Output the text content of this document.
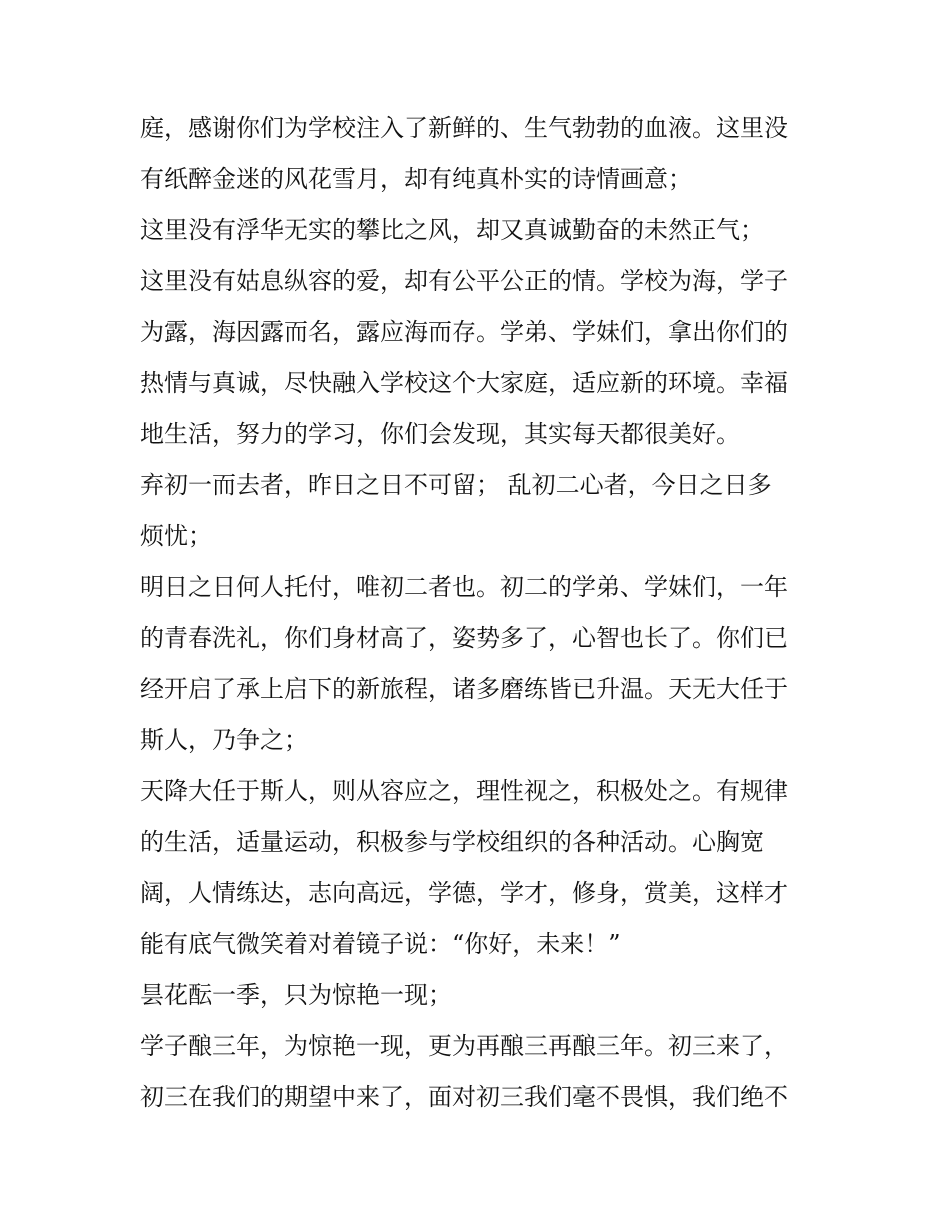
庭，感谢你们为学校注入了新鲜的、生气勃勃的血液。这里没
有纸醉金迷的风花雪月，却有纯真朴实的诗情画意；
这里没有浮华无实的攀比之风，却又真诚勤奋的未然正气；
这里没有姑息纵容的爱，却有公平公正的情。学校为海，学子
为露，海因露而名，露应海而存。学弟、学妹们，拿出你们的
热情与真诚，尽快融入学校这个大家庭，适应新的环境。幸福
地生活，努力的学习，你们会发现，其实每天都很美好。
弃初一而去者，昨日之日不可留； 乱初二心者，今日之日多
烦忧；
明日之日何人托付，唯初二者也。初二的学弟、学妹们，一年
的青春洗礼，你们身材高了，姿势多了，心智也长了。你们已
经开启了承上启下的新旅程，诸多磨练皆已升温。天无大任于
斯人，乃争之；
天降大任于斯人，则从容应之，理性视之，积极处之。有规律
的生活，适量运动，积极参与学校组织的各种活动。心胸宽
阔，人情练达，志向高远，学德，学才，修身，赏美，这样才
能有底气微笑着对着镜子说：“你好，未来！”
昙花酝一季，只为惊艳一现；
学子酿三年，为惊艳一现，更为再酿三再酿三年。初三来了，
初三在我们的期望中来了，面对初三我们毫不畏惧，我们绝不
